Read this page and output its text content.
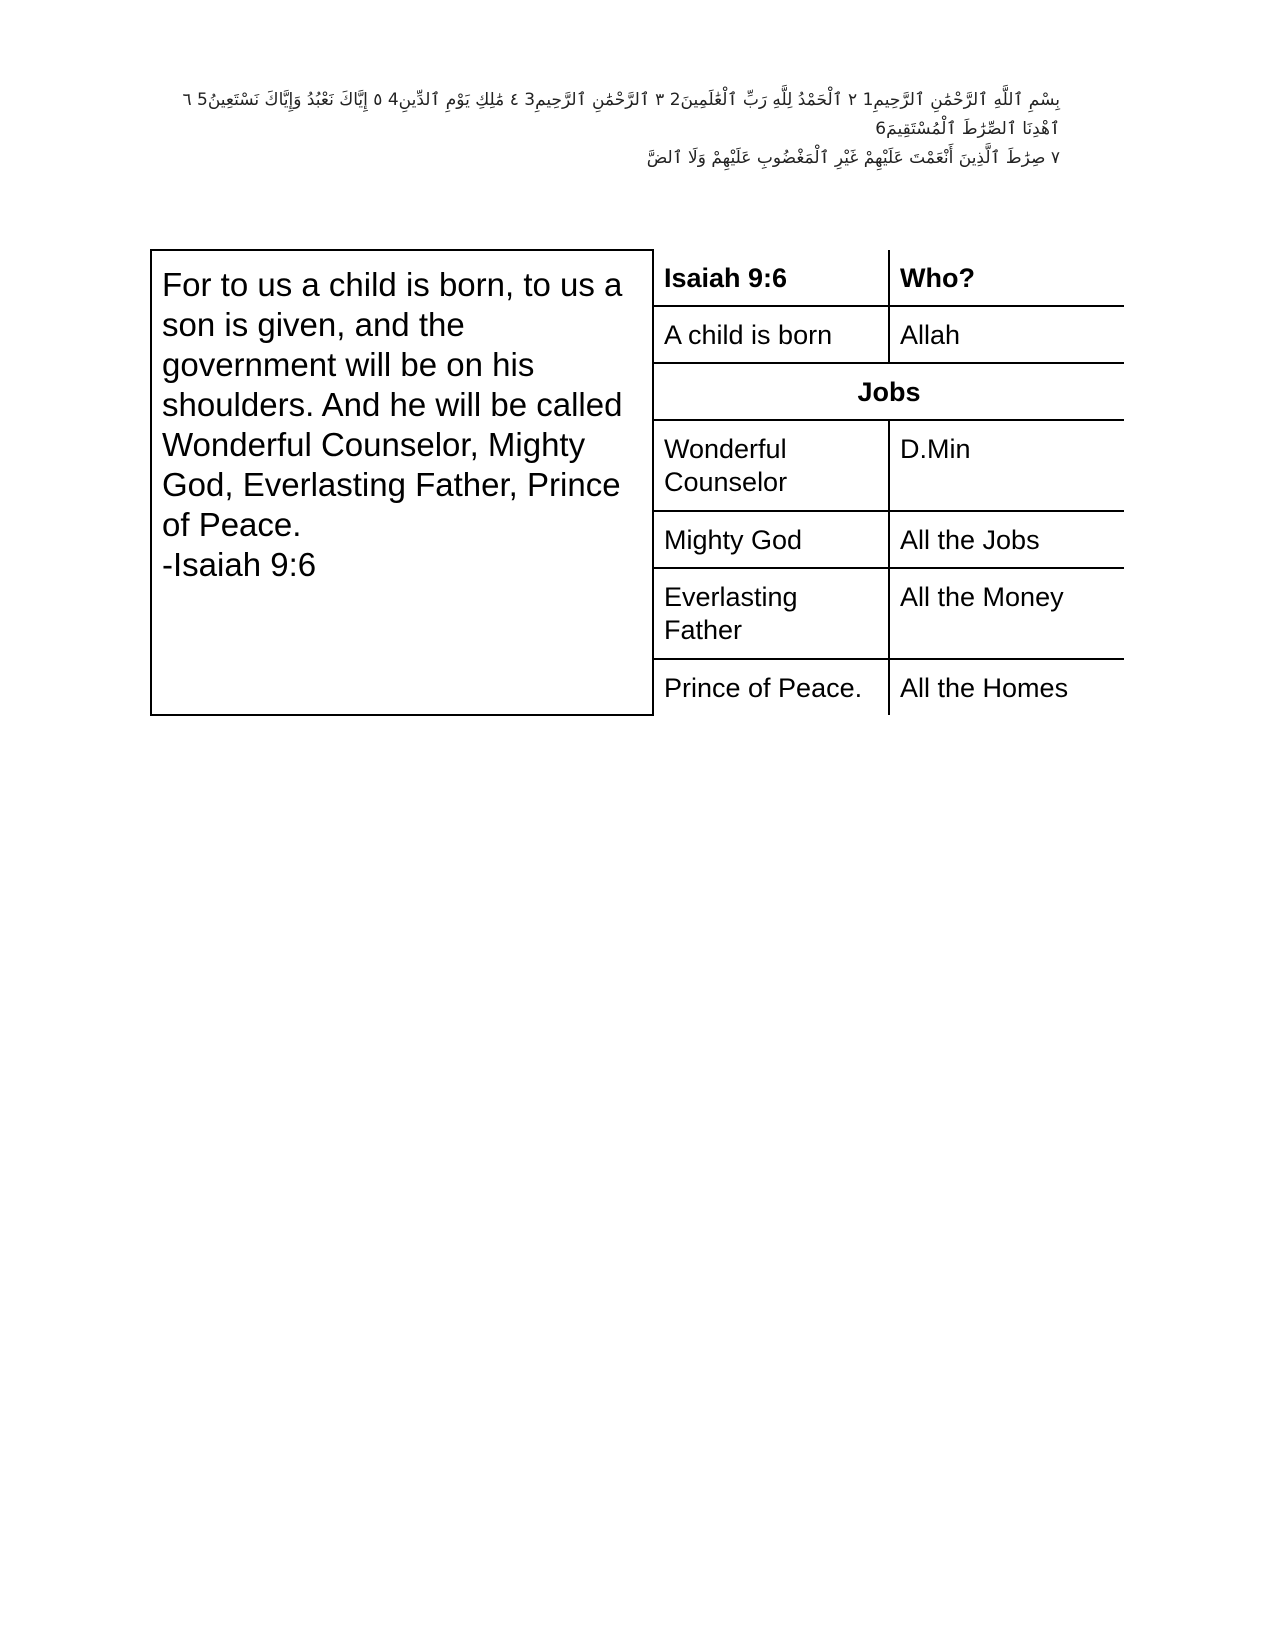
بِسْمِ ٱللَّهِ ٱلرَّحْمَٰنِ ٱلرَّحِيمِ1 ٢ ٱلْحَمْدُ لِلَّهِ رَبِّ ٱلْعَٰلَمِينَ2 ٣ ٱلرَّحْمَٰنِ ٱلرَّحِيمِ3 ٤ مَٰلِكِ يَوْمِ ٱلدِّينِ4 ٥ إِيَّاكَ نَعْبُدُ وَإِيَّاكَ نَسْتَعِينُ5 ٦ ٱهْدِنَا ٱلصِّرَٰطَ ٱلْمُسْتَقِيمَ6
٧ صِرَٰطَ ٱلَّذِينَ أَنْعَمْتَ عَلَيْهِمْ غَيْرِ ٱلْمَغْضُوبِ عَلَيْهِمْ وَلَا ٱلضَّ
For to us a child is born, to us a son is given, and the government will be on his shoulders. And he will be called Wonderful Counselor, Mighty God, Everlasting Father, Prince of Peace.
-Isaiah 9:6

Isaiah 9:6	Who?
A child is born	Allah
Jobs
Wonderful Counselor	D.Min
Mighty God	All the Jobs
Everlasting Father	All the Money
Prince of Peace.	All the Homes
